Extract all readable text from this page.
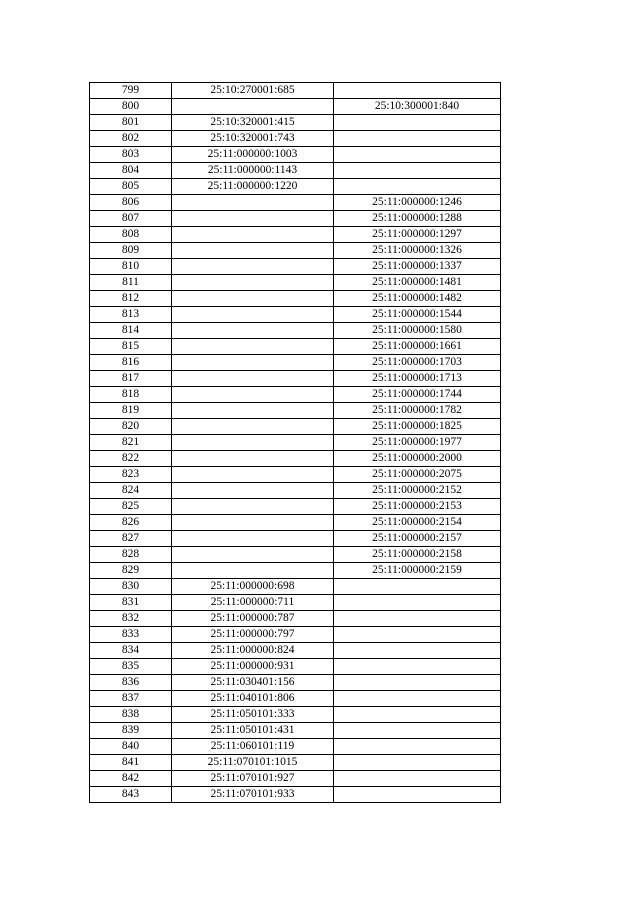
799	25:10:270001:685	
800		25:10:300001:840
801	25:10:320001:415	
802	25:10:320001:743	
803	25:11:000000:1003	
804	25:11:000000:1143	
805	25:11:000000:1220	
806		25:11:000000:1246
807		25:11:000000:1288
808		25:11:000000:1297
809		25:11:000000:1326
810		25:11:000000:1337
811		25:11:000000:1481
812		25:11:000000:1482
813		25:11:000000:1544
814		25:11:000000:1580
815		25:11:000000:1661
816		25:11:000000:1703
817		25:11:000000:1713
818		25:11:000000:1744
819		25:11:000000:1782
820		25:11:000000:1825
821		25:11:000000:1977
822		25:11:000000:2000
823		25:11:000000:2075
824		25:11:000000:2152
825		25:11:000000:2153
826		25:11:000000:2154
827		25:11:000000:2157
828		25:11:000000:2158
829		25:11:000000:2159
830	25:11:000000:698	
831	25:11:000000:711	
832	25:11:000000:787	
833	25:11:000000:797	
834	25:11:000000:824	
835	25:11:000000:931	
836	25:11:030401:156	
837	25:11:040101:806	
838	25:11:050101:333	
839	25:11:050101:431	
840	25:11:060101:119	
841	25:11:070101:1015	
842	25:11:070101:927	
843	25:11:070101:933	
